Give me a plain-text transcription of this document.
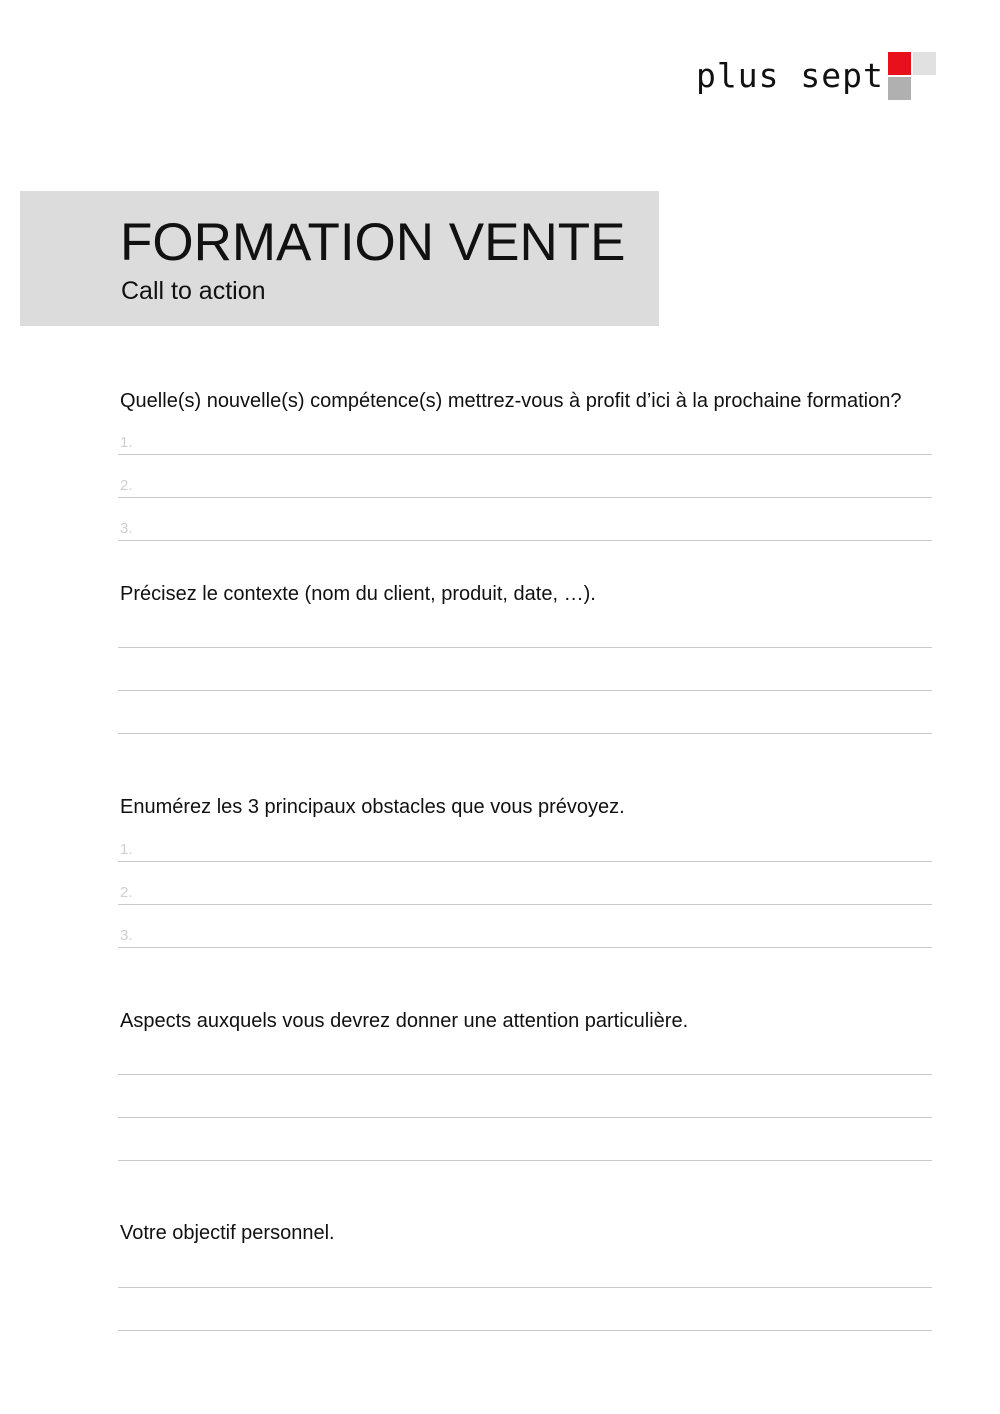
plus sept
FORMATION VENTE
Call to action
Quelle(s) nouvelle(s) compétence(s) mettrez-vous à profit d’ici à la prochaine formation?
1.
2.
3.
Précisez le contexte (nom du client, produit, date, …).
Enumérez les 3 principaux obstacles que vous prévoyez.
1.
2.
3.
Aspects auxquels vous devrez donner une attention particulière.
Votre objectif personnel.
